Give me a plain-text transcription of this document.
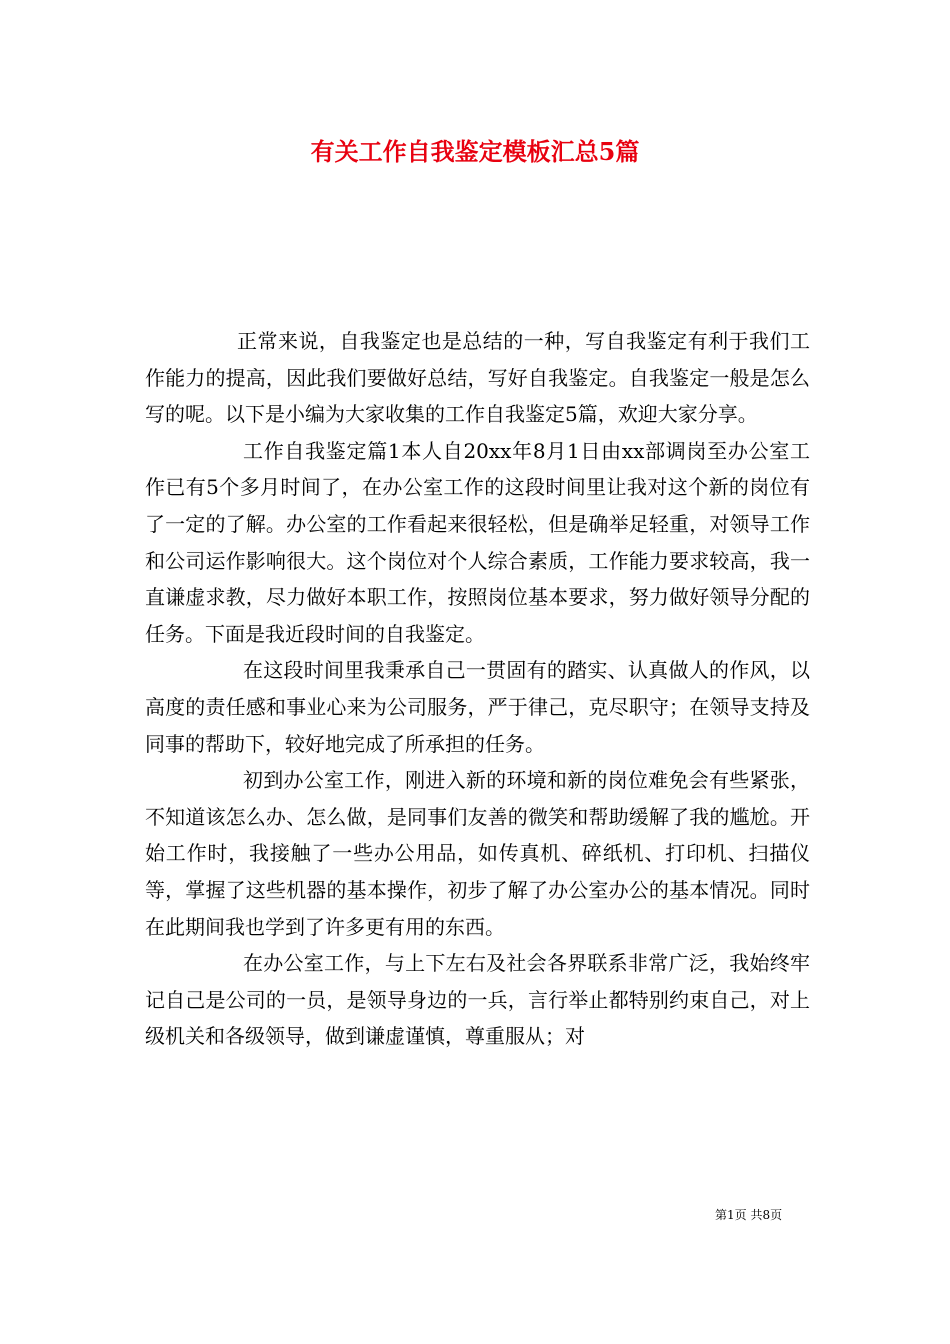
有关工作自我鉴定模板汇总5篇

正常来说，自我鉴定也是总结的一种，写自我鉴定有利于我们工作能力的提高，因此我们要做好总结，写好自我鉴定。自我鉴定一般是怎么写的呢。以下是小编为大家收集的工作自我鉴定5篇，欢迎大家分享。

工作自我鉴定篇1本人自20xx年8月1日由xx部调岗至办公室工作已有5个多月时间了，在办公室工作的这段时间里让我对这个新的岗位有了一定的了解。办公室的工作看起来很轻松，但是确举足轻重，对领导工作和公司运作影响很大。这个岗位对个人综合素质，工作能力要求较高，我一直谦虚求教，尽力做好本职工作，按照岗位基本要求，努力做好领导分配的任务。下面是我近段时间的自我鉴定。

在这段时间里我秉承自己一贯固有的踏实、认真做人的作风，以高度的责任感和事业心来为公司服务，严于律己，克尽职守；在领导支持及同事的帮助下，较好地完成了所承担的任务。

初到办公室工作，刚进入新的环境和新的岗位难免会有些紧张，不知道该怎么办、怎么做，是同事们友善的微笑和帮助缓解了我的尴尬。开始工作时，我接触了一些办公用品，如传真机、碎纸机、打印机、扫描仪等，掌握了这些机器的基本操作，初步了解了办公室办公的基本情况。同时在此期间我也学到了许多更有用的东西。

在办公室工作，与上下左右及社会各界联系非常广泛，我始终牢记自己是公司的一员，是领导身边的一兵，言行举止都特别约束自己，对上级机关和各级领导，做到谦虚谨慎，尊重服从；对

第1页 共8页
